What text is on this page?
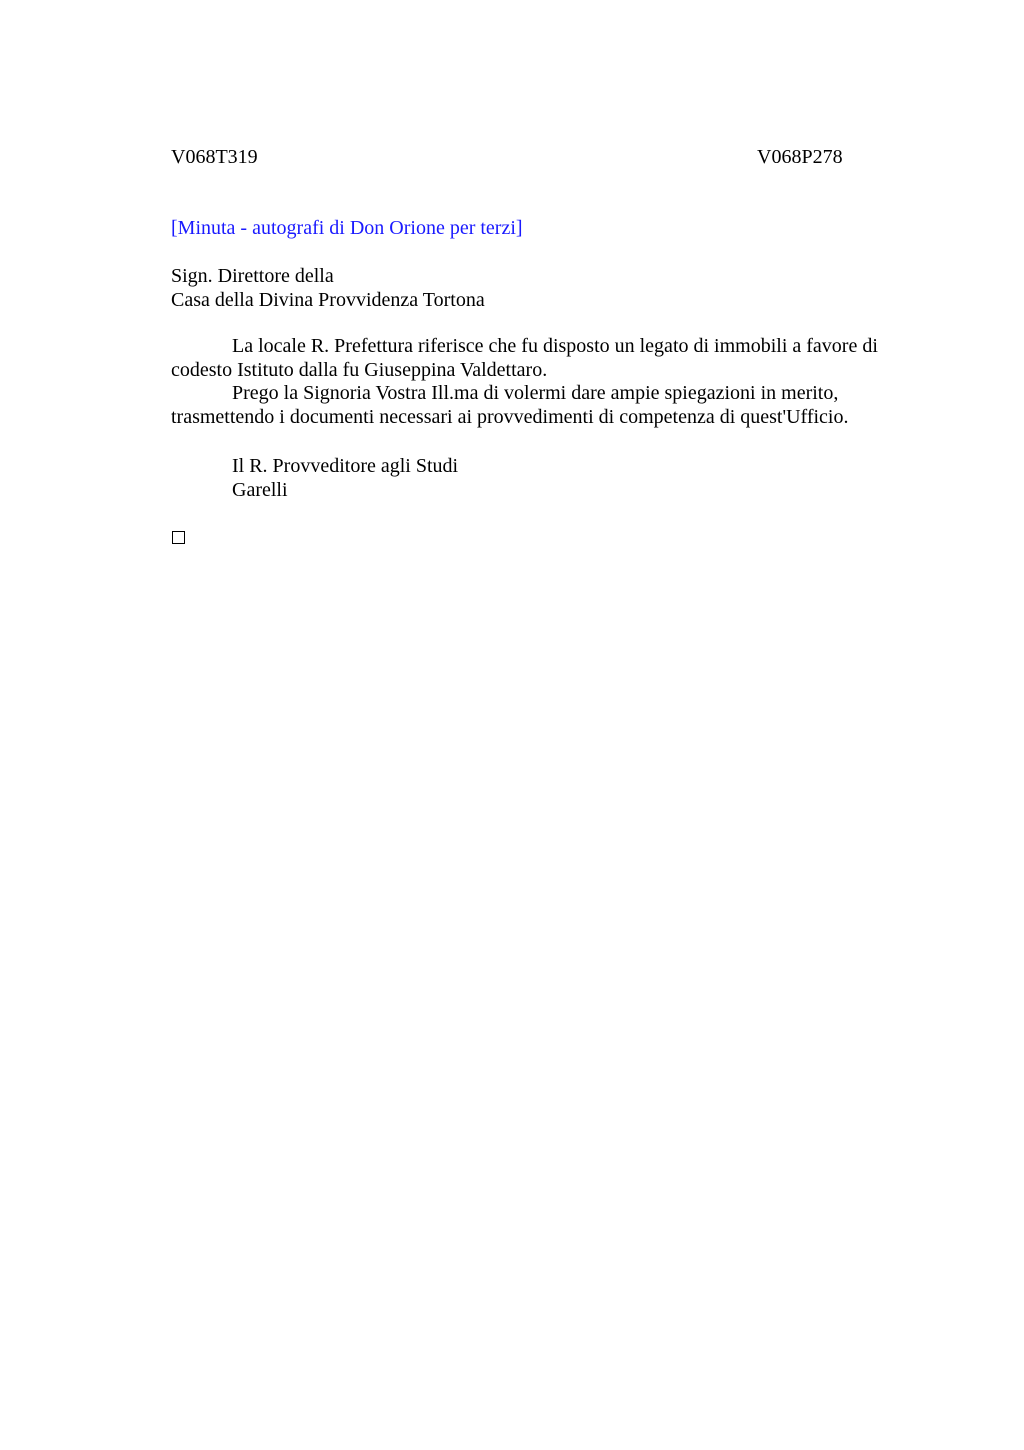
V068T319	V068P278
[Minuta - autografi di Don Orione per terzi]
Sign. Direttore della
Casa della Divina Provvidenza Tortona

La locale R. Prefettura riferisce che fu disposto un legato di immobili a favore di codesto Istituto dalla fu Giuseppina Valdettaro.

Prego la Signoria Vostra Ill.ma di volermi dare ampie spiegazioni in merito, trasmettendo i documenti necessari ai provvedimenti di competenza di quest'Ufficio.

Il R. Provveditore agli Studi
Garelli
